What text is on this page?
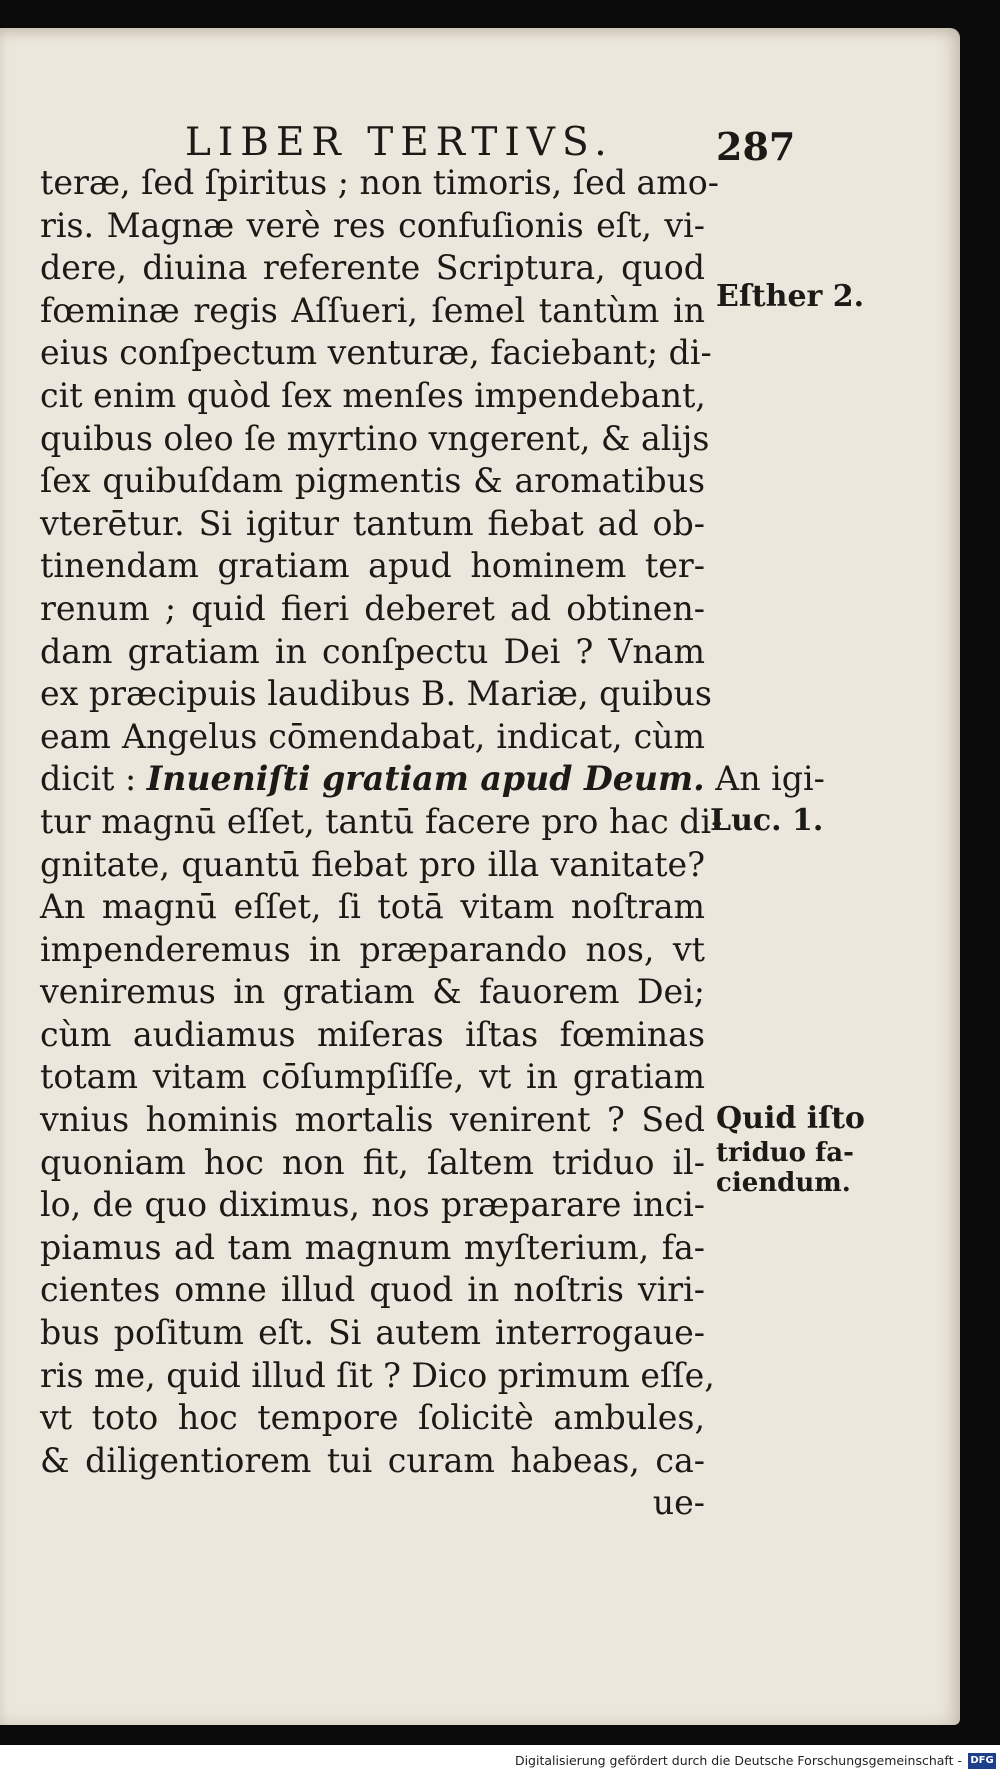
LIBER TERTIVS.	287
teræ, ſed ſpiritus ; non timoris, ſed amo-
ris. Magnæ verè res confuſionis eſt, vi-
dere, diuina referente Scriptura, quod
fœminæ regis Aſſueri, ſemel tantùm in
eius conſpectum venturæ, faciebant; di-
cit enim quòd ſex menſes impendebant,
quibus oleo ſe myrtino vngerent, & alijs
ſex quibuſdam pigmentis & aromatibus
vterētur. Si igitur tantum fiebat ad ob-
tinendam gratiam apud hominem ter-
renum ; quid fieri deberet ad obtinen-
dam gratiam in conſpectu Dei ? Vnam
ex præcipuis laudibus B. Mariæ, quibus
eam Angelus cōmendabat, indicat, cùm
dicit : Inueniſti gratiam apud Deum. An igi-
tur magnū eſſet, tantū facere pro hac di-
gnitate, quantū fiebat pro illa vanitate?
An magnū eſſet, ſi totā vitam noſtram
impenderemus in præparando nos, vt
veniremus in gratiam & fauorem Dei;
cùm audiamus miſeras iſtas fœminas
totam vitam cōſumpſiſſe, vt in gratiam
vnius hominis mortalis venirent ? Sed
quoniam hoc non fit, ſaltem triduo il-
lo, de quo diximus, nos præparare inci-
piamus ad tam magnum myſterium, fa-
cientes omne illud quod in noſtris viri-
bus poſitum eſt. Si autem interrogaue-
ris me, quid illud ſit ? Dico primum eſſe,
vt toto hoc tempore ſolicitè ambules,
& diligentiorem tui curam habeas, ca-
ue-
Eſther 2.
Luc. 1.
Quid iſto
triduo fa-
ciendum.
Digitalisierung gefördert durch die Deutsche Forschungsgemeinschaft - DFG
